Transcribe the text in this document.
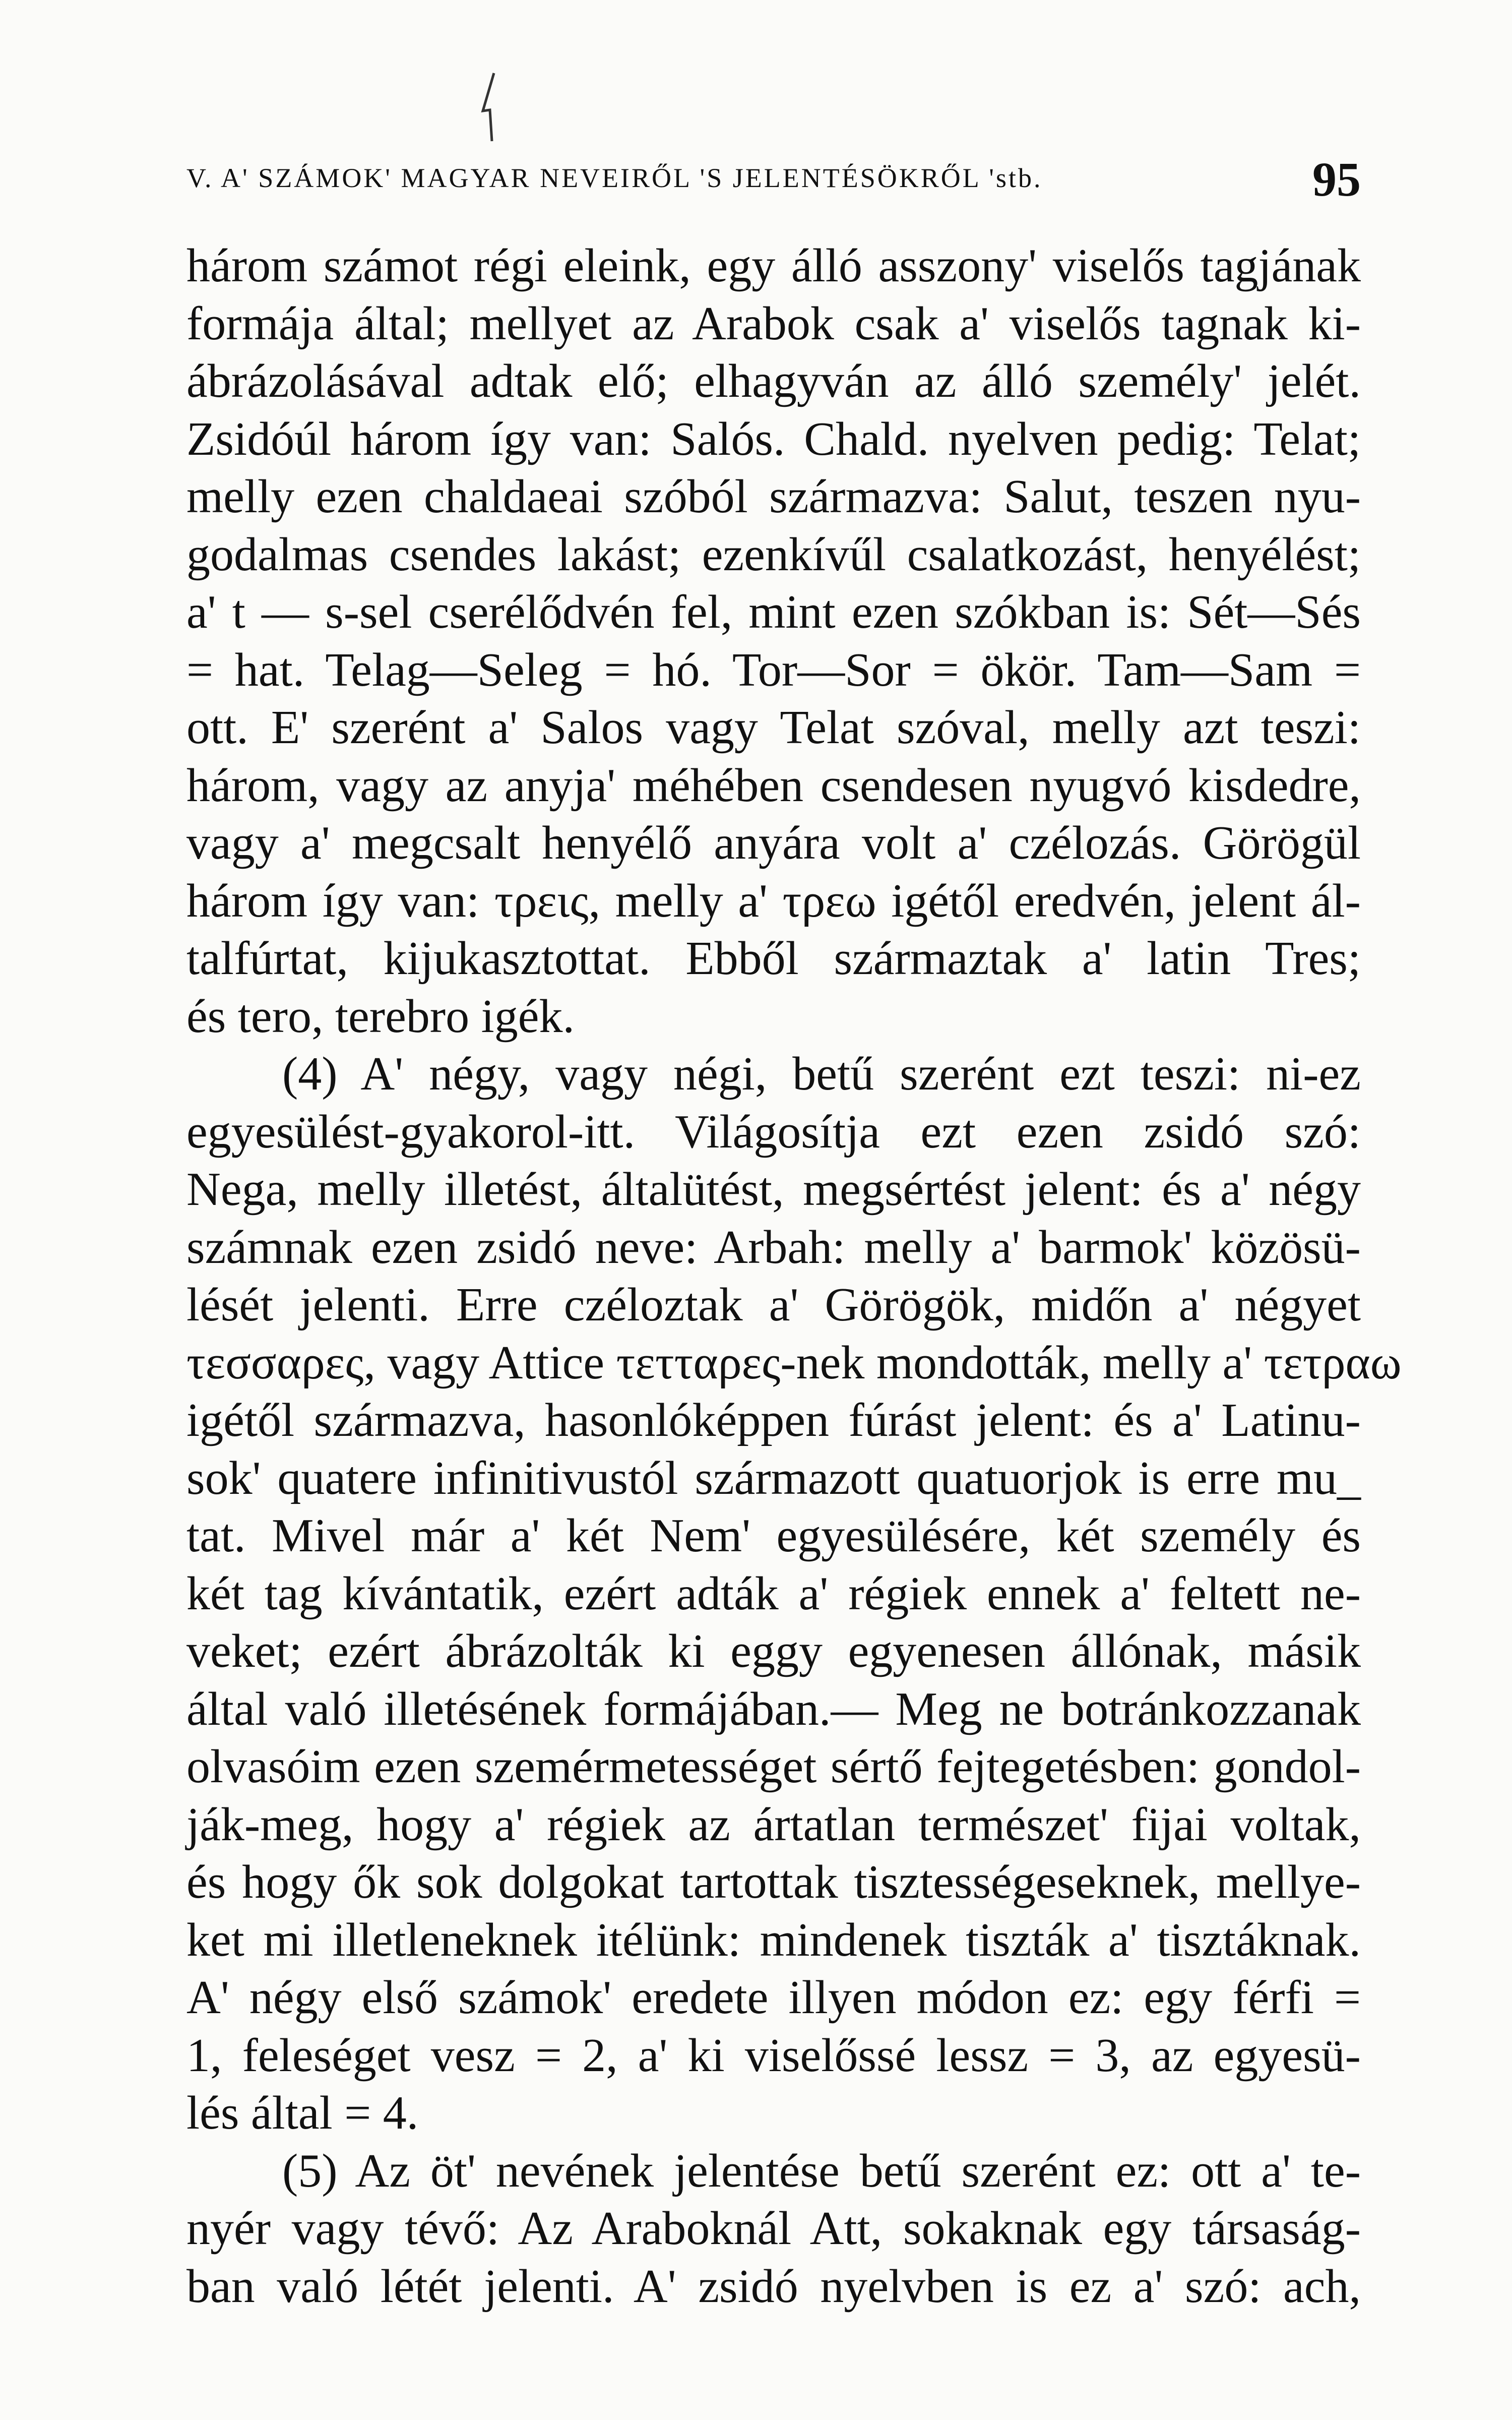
V. A' SZÁMOK' MAGYAR NEVEIRŐL 'S JELENTÉSÖKRŐL 'stb.	95
három számot régi eleink, egy álló asszony' viselős tagjának
formája által; mellyet az Arabok csak a' viselős tagnak ki-
ábrázolásával adtak elő; elhagyván az álló személy' jelét.
Zsidóúl három így van: Salós. Chald. nyelven pedig: Telat;
melly ezen chaldaeai szóból származva: Salut, teszen nyu-
godalmas csendes lakást; ezenkívűl csalatkozást, henyélést;
a' t — s-sel cserélődvén fel, mint ezen szókban is: Sét—Sés
= hat. Telag—Seleg = hó. Tor—Sor = ökör. Tam—Sam =
ott. E' szerént a' Salos vagy Telat szóval, melly azt teszi:
három, vagy az anyja' méhében csendesen nyugvó kisdedre,
vagy a' megcsalt henyélő anyára volt a' czélozás. Görögül
három így van: τρεις, melly a' τρεω igétől eredvén, jelent ál-
talfúrtat, kijukasztottat. Ebből származtak a' latin Tres;
és tero, terebro igék.
(4) A' négy, vagy négi, betű szerént ezt teszi: ni-ez
egyesülést-gyakorol-itt. Világosítja ezt ezen zsidó szó:
Nega, melly illetést, általütést, megsértést jelent: és a' négy
számnak ezen zsidó neve: Arbah: melly a' barmok' közösü-
lését jelenti. Erre czéloztak a' Görögök, midőn a' négyet
τεσσαρες, vagy Attice τετταρες-nek mondották, melly a' τετραω
igétől származva, hasonlóképpen fúrást jelent: és a' Latinu-
sok' quatere infinitivustól származott quatuorjok is erre mu_
tat. Mivel már a' két Nem' egyesülésére, két személy és
két tag kívántatik, ezért adták a' régiek ennek a' feltett ne-
veket; ezért ábrázolták ki eggy egyenesen állónak, másik
által való illetésének formájában.— Meg ne botránkozzanak
olvasóim ezen szemérmetességet sértő fejtegetésben: gondol-
ják-meg, hogy a' régiek az ártatlan természet' fijai voltak,
és hogy ők sok dolgokat tartottak tisztességeseknek, mellye-
ket mi illetleneknek itélünk: mindenek tiszták a' tisztáknak.
A' négy első számok' eredete illyen módon ez: egy férfi =
1, feleséget vesz = 2, a' ki viselőssé lessz = 3, az egyesü-
lés által = 4.
(5) Az öt' nevének jelentése betű szerént ez: ott a' te-
nyér vagy tévő: Az Araboknál Att, sokaknak egy társaság-
ban való létét jelenti. A' zsidó nyelvben is ez a' szó: ach,
